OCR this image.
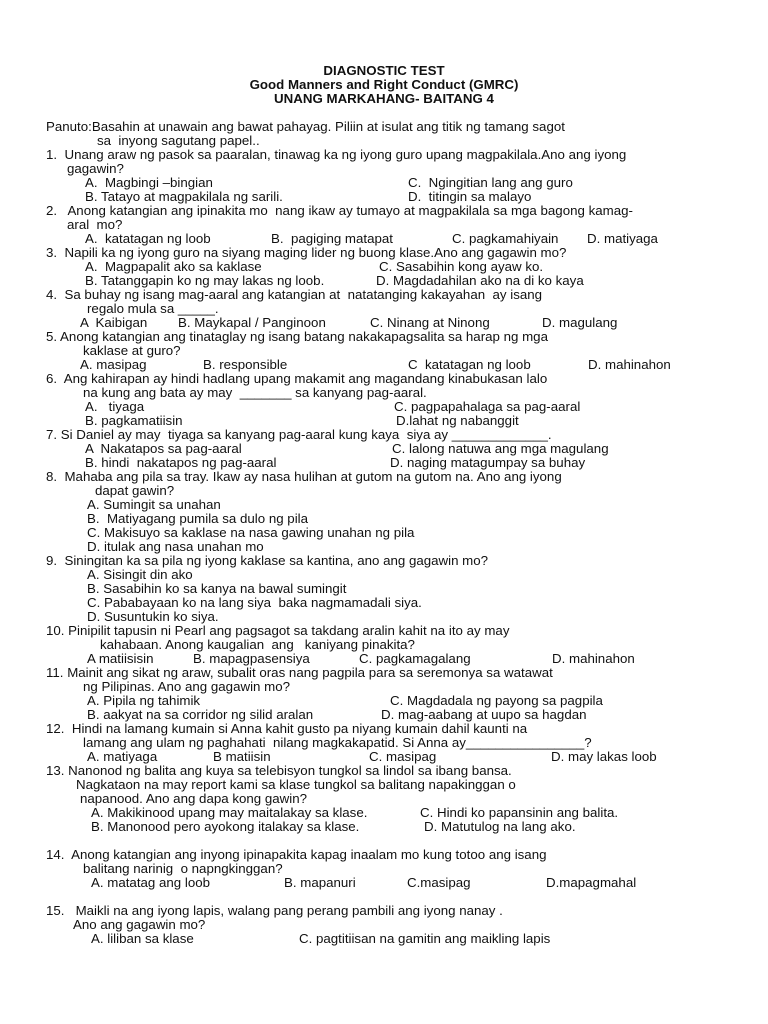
DIAGNOSTIC TEST
Good Manners and Right Conduct (GMRC)
UNANG MARKAHANG- BAITANG 4
Panuto:Basahin at unawain ang bawat pahayag. Piliin at isulat ang titik ng tamang sagot
sa  inyong sagutang papel..
1.  Unang araw ng pasok sa paaralan, tinawag ka ng iyong guro upang magpakilala.Ano ang iyong
gagawin?
A.  Magbingi –bingian	C.  Ngingitian lang ang guro
B. Tatayo at magpakilala ng sarili.	D.  titingin sa malayo
2.   Anong katangian ang ipinakita mo  nang ikaw ay tumayo at magpakilala sa mga bagong kamag-
aral  mo?
A.  katatagan ng loob	B.  pagiging matapat	C. pagkamahiyain D. matiyaga
3.  Napili ka ng iyong guro na siyang maging lider ng buong klase.Ano ang gagawin mo?
A.  Magpapalit ako sa kaklase	C. Sasabihin kong ayaw ko.
B. Tatanggapin ko ng may lakas ng loob.	D. Magdadahilan ako na di ko kaya
4.  Sa buhay ng isang mag-aaral ang katangian at  natatanging kakayahan  ay isang
regalo mula sa _____.
A  Kaibigan B. Maykapal / Panginoon	C. Ninang at Ninong	D. magulang
5. Anong katangian ang tinataglay ng isang batang nakakapagsalita sa harap ng mga
kaklase at guro?
A. masipag	B. responsible	C  katatagan ng loob	D. mahinahon
6.  Ang kahirapan ay hindi hadlang upang makamit ang magandang kinabukasan lalo
na kung ang bata ay may  _______ sa kanyang pag-aaral.
A.   tiyaga	C. pagpapahalaga sa pag-aaral
B. pagkamatiisin	D.lahat ng nabanggit
7. Si Daniel ay may  tiyaga sa kanyang pag-aaral kung kaya  siya ay _____________.
A  Nakatapos sa pag-aaral	C. lalong natuwa ang mga magulang
B. hindi  nakatapos ng pag-aaral	D. naging matagumpay sa buhay
8.  Mahaba ang pila sa tray. Ikaw ay nasa hulihan at gutom na gutom na. Ano ang iyong
dapat gawin?
A. Sumingit sa unahan
B.  Matiyagang pumila sa dulo ng pila
C. Makisuyo sa kaklase na nasa gawing unahan ng pila
D. itulak ang nasa unahan mo
9.  Siningitan ka sa pila ng iyong kaklase sa kantina, ano ang gagawin mo?
A. Sisingit din ako
B. Sasabihin ko sa kanya na bawal sumingit
C. Pababayaan ko na lang siya  baka nagmamadali siya.
D. Susuntukin ko siya.
10. Pinipilit tapusin ni Pearl ang pagsagot sa takdang aralin kahit na ito ay may
kahabaan. Anong kaugalian  ang   kaniyang pinakita?
A matiisisin	B. mapagpasensiya	C. pagkamagalang	D. mahinahon
11. Mainit ang sikat ng araw, subalit oras nang pagpila para sa seremonya sa watawat
ng Pilipinas. Ano ang gagawin mo?
A. Pipila ng tahimik	C. Magdadala ng payong sa pagpila
B. aakyat na sa corridor ng silid aralan	D. mag-aabang at uupo sa hagdan
12.  Hindi na lamang kumain si Anna kahit gusto pa niyang kumain dahil kaunti na
lamang ang ulam ng paghahati  nilang magkakapatid. Si Anna ay________________?
A. matiyaga	B matiisin	C. masipag	D. may lakas loob
13. Nanonod ng balita ang kuya sa telebisyon tungkol sa lindol sa ibang bansa.
Nagkataon na may report kami sa klase tungkol sa balitang napakinggan o
napanood. Ano ang dapa kong gawin?
A. Makikinood upang may maitalakay sa klase.	C. Hindi ko papansinin ang balita.
B. Manonood pero ayokong italakay sa klase.	D. Matutulog na lang ako.
14.  Anong katangian ang inyong ipinapakita kapag inaalam mo kung totoo ang isang
balitang narinig  o napngkinggan?
A. matatag ang loob	B. mapanuri	C.masipag	D.mapagmahal
15.   Maikli na ang iyong lapis, walang pang perang pambili ang iyong nanay .
Ano ang gagawin mo?
A. liliban sa klase	C. pagtitiisan na gamitin ang maikling lapis
